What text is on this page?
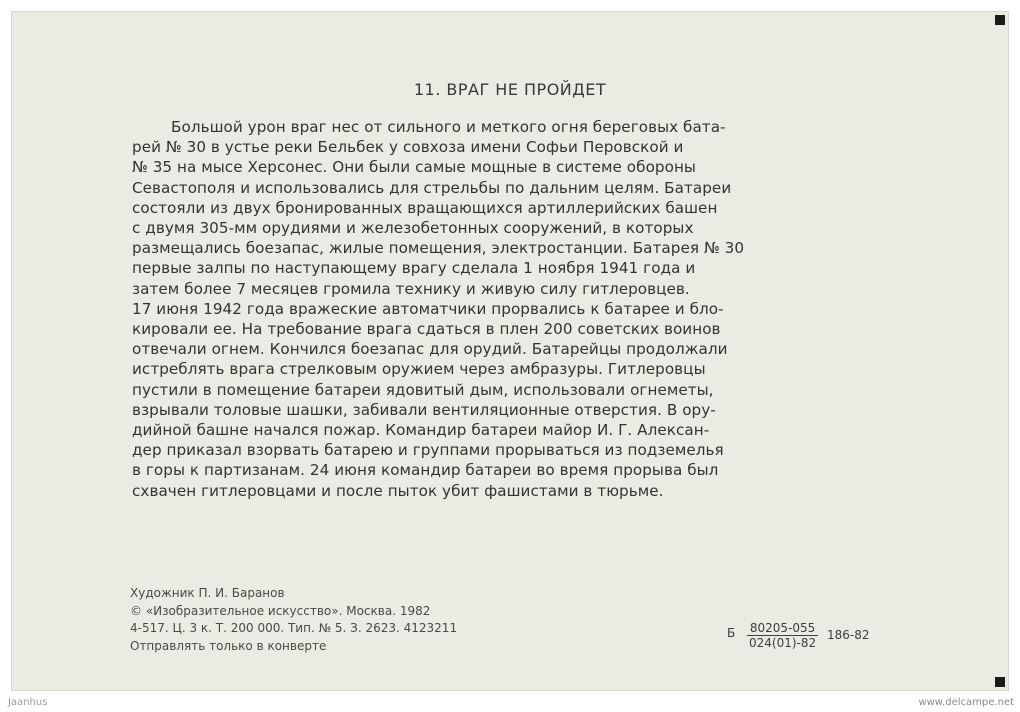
11. ВРАГ НЕ ПРОЙДЕТ
Большой урон враг нес от сильного и меткого огня береговых бата-
рей № 30 в устье реки Бельбек у совхоза имени Софьи Перовской и
№ 35 на мысе Херсонес. Они были самые мощные в системе обороны
Севастополя и использовались для стрельбы по дальним целям. Батареи
состояли из двух бронированных вращающихся артиллерийских башен
с двумя 305-мм орудиями и железобетонных сооружений, в которых
размещались боезапас, жилые помещения, электростанции. Батарея № 30
первые залпы по наступающему врагу сделала 1 ноября 1941 года и
затем более 7 месяцев громила технику и живую силу гитлеровцев.
17 июня 1942 года вражеские автоматчики прорвались к батарее и бло-
кировали ее. На требование врага сдаться в плен 200 советских воинов
отвечали огнем. Кончился боезапас для орудий. Батарейцы продолжали
истреблять врага стрелковым оружием через амбразуры. Гитлеровцы
пустили в помещение батареи ядовитый дым, использовали огнеметы,
взрывали толовые шашки, забивали вентиляционные отверстия. В ору-
дийной башне начался пожар. Командир батареи майор И. Г. Алексан-
дер приказал взорвать батарею и группами прорываться из подземелья
в горы к партизанам. 24 июня командир батареи во время прорыва был
схвачен гитлеровцами и после пыток убит фашистами в тюрьме.
Художник П. И. Баранов
© «Изобразительное искусство». Москва. 1982
4-517. Ц. 3 к. Т. 200 000. Тип. № 5. З. 2623. 4123211
Отправлять только в конверте
Б $\frac{80205-055}{024(01)-82} 186-82$
Jaanhus	www.delcampe.net
